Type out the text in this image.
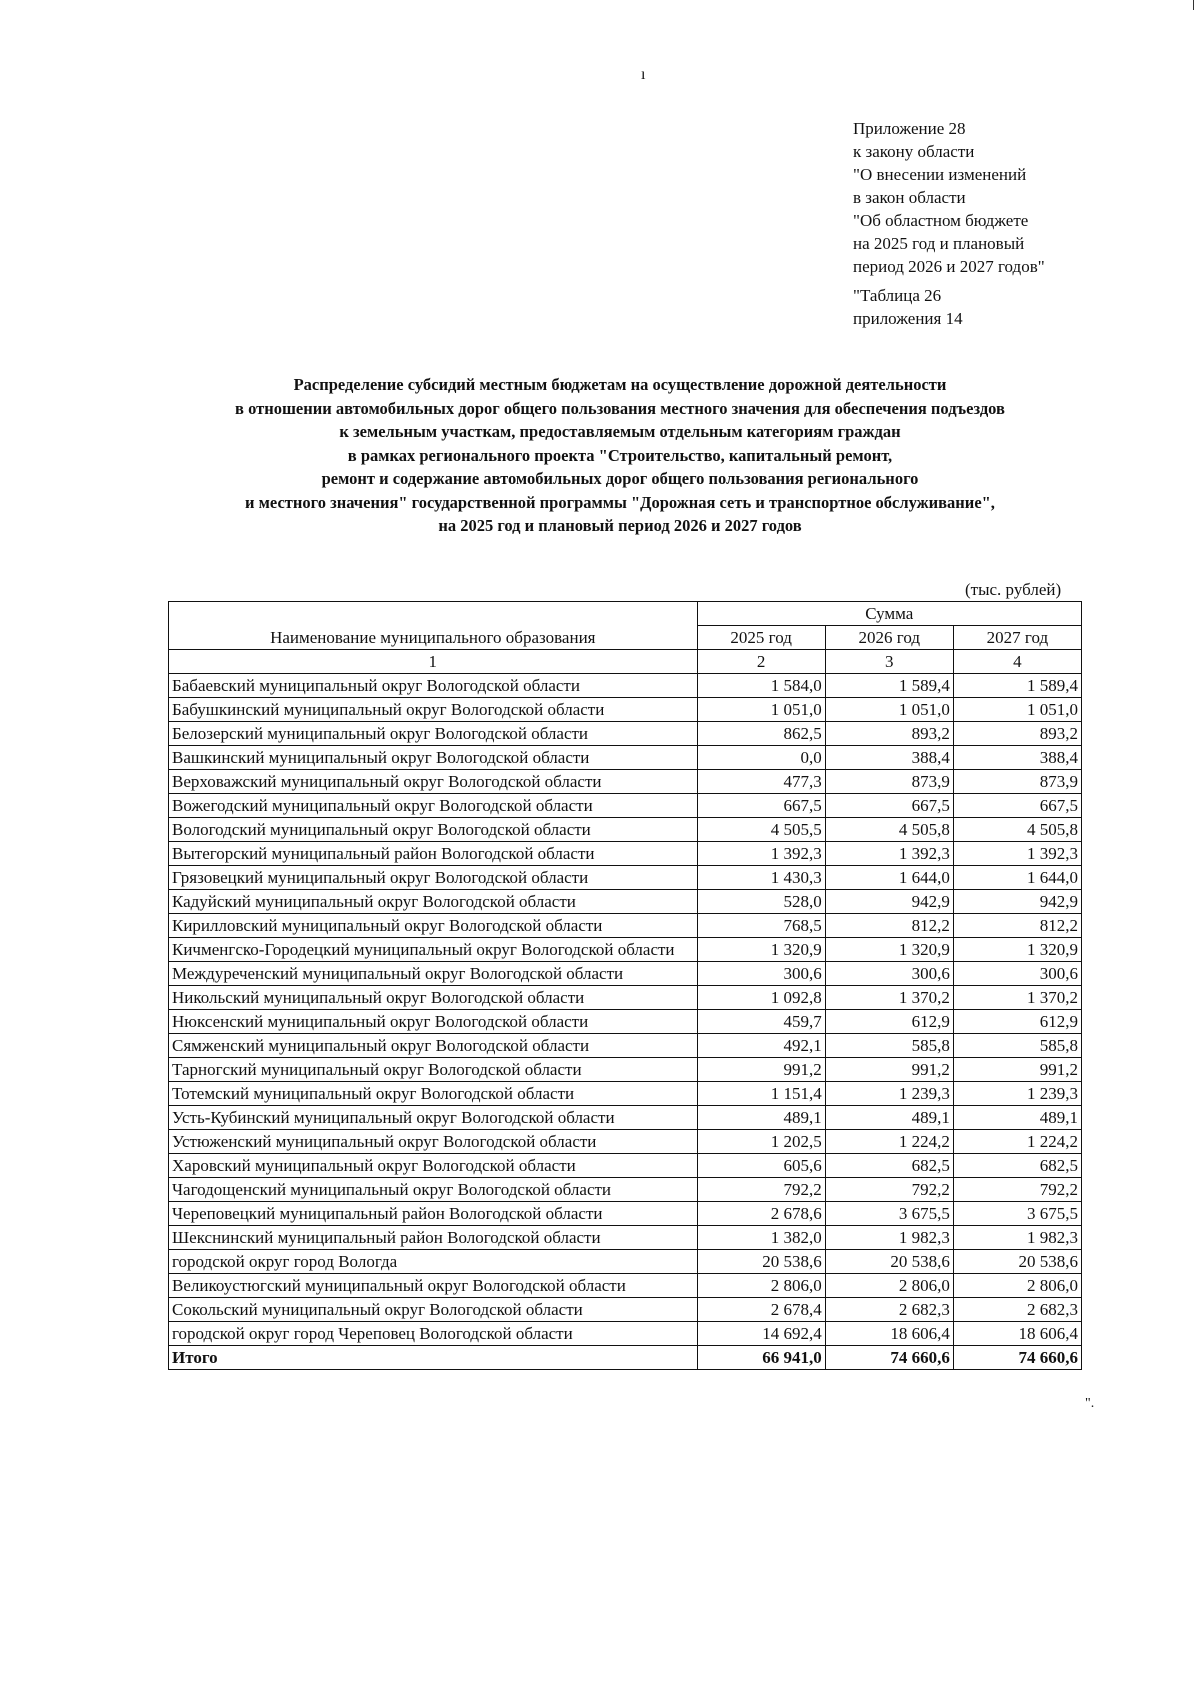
ı
Приложение 28
к закону области
"О внесении изменений
в закон области
"Об областном бюджете
на 2025 год и плановый
период 2026 и 2027 годов"
"Таблица 26
приложения 14
Распределение субсидий местным бюджетам на осуществление дорожной деятельности
в отношении автомобильных дорог общего пользования местного значения для обеспечения подъездов
к земельным участкам, предоставляемым отдельным категориям граждан
в рамках регионального проекта "Строительство, капитальный ремонт,
ремонт и содержание автомобильных дорог общего пользования регионального
и местного значения" государственной программы "Дорожная сеть и транспортное обслуживание",
на 2025 год и плановый период 2026 и 2027 годов
(тыс. рублей)
Наименование муниципального образования	Сумма		
	2025 год	2026 год	2027 год
1	2	3	4
Бабаевский муниципальный округ Вологодской области	1 584,0	1 589,4	1 589,4
Бабушкинский муниципальный округ Вологодской области	1 051,0	1 051,0	1 051,0
Белозерский муниципальный округ Вологодской области	862,5	893,2	893,2
Вашкинский муниципальный округ Вологодской области	0,0	388,4	388,4
Верховажский муниципальный округ Вологодской области	477,3	873,9	873,9
Вожегодский муниципальный округ Вологодской области	667,5	667,5	667,5
Вологодский муниципальный округ Вологодской области	4 505,5	4 505,8	4 505,8
Вытегорский муниципальный район Вологодской области	1 392,3	1 392,3	1 392,3
Грязовецкий муниципальный округ Вологодской области	1 430,3	1 644,0	1 644,0
Кадуйский муниципальный округ Вологодской области	528,0	942,9	942,9
Кирилловский муниципальный округ Вологодской области	768,5	812,2	812,2
Кичменгско-Городецкий муниципальный округ Вологодской области	1 320,9	1 320,9	1 320,9
Междуреченский муниципальный округ Вологодской области	300,6	300,6	300,6
Никольский муниципальный округ Вологодской области	1 092,8	1 370,2	1 370,2
Нюксенский муниципальный округ Вологодской области	459,7	612,9	612,9
Сямженский муниципальный округ Вологодской области	492,1	585,8	585,8
Тарногский муниципальный округ Вологодской области	991,2	991,2	991,2
Тотемский муниципальный округ Вологодской области	1 151,4	1 239,3	1 239,3
Усть-Кубинский муниципальный округ Вологодской области	489,1	489,1	489,1
Устюженский муниципальный округ Вологодской области	1 202,5	1 224,2	1 224,2
Харовский муниципальный округ Вологодской области	605,6	682,5	682,5
Чагодощенский муниципальный округ Вологодской области	792,2	792,2	792,2
Череповецкий муниципальный район Вологодской области	2 678,6	3 675,5	3 675,5
Шекснинский муниципальный район Вологодской области	1 382,0	1 982,3	1 982,3
городской округ город Вологда	20 538,6	20 538,6	20 538,6
Великоустюгский муниципальный округ Вологодской области	2 806,0	2 806,0	2 806,0
Сокольский муниципальный округ Вологодской области	2 678,4	2 682,3	2 682,3
городской округ город Череповец Вологодской области	14 692,4	18 606,4	18 606,4
Итого	66 941,0	74 660,6	74 660,6
".
